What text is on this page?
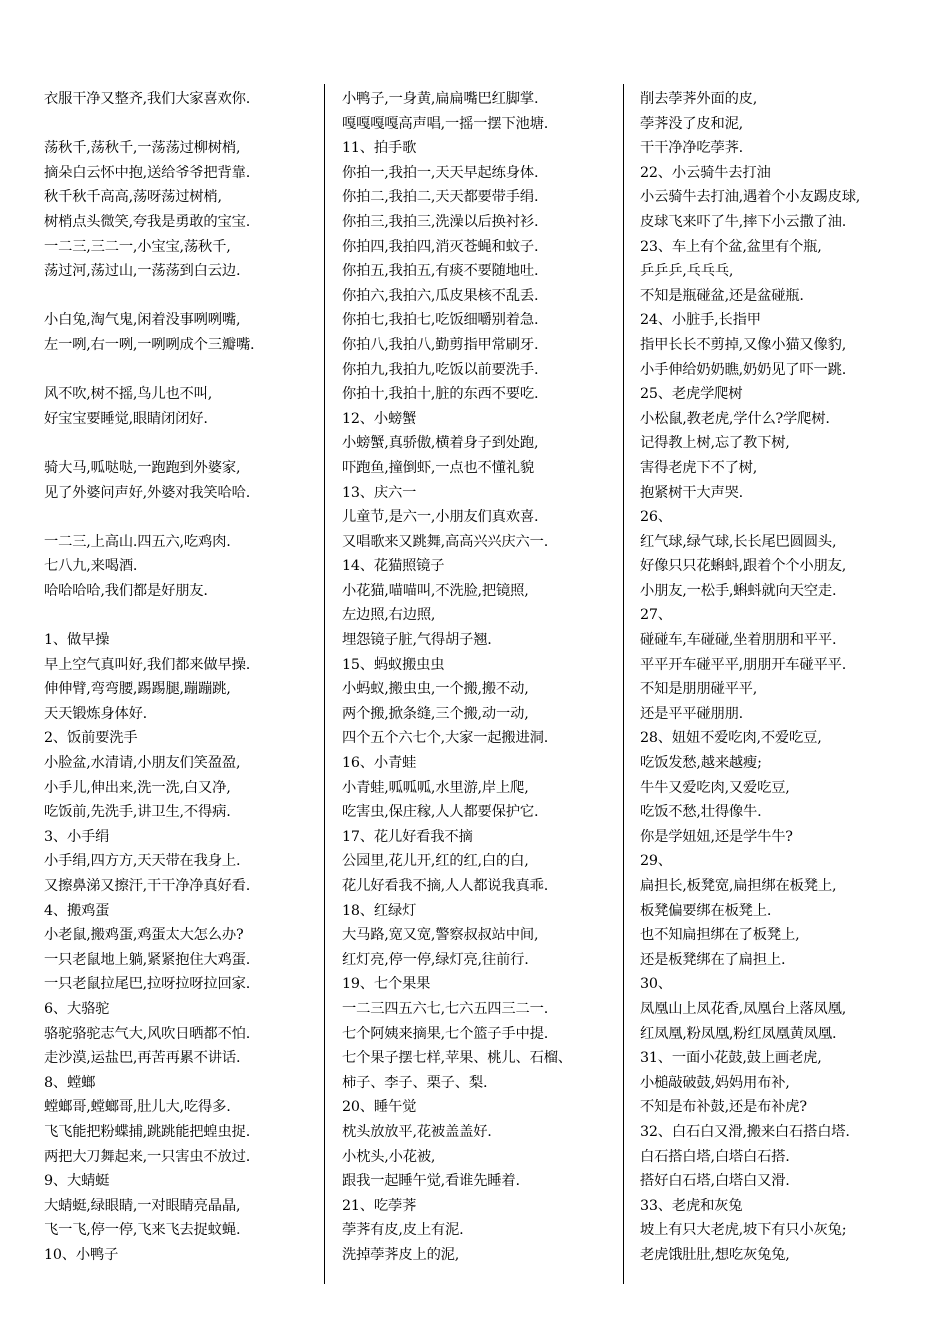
衣服干净又整齐,我们大家喜欢你.
荡秋千,荡秋千,一荡荡过柳树梢,
摘朵白云怀中抱,送给爷爷把背靠.
秋千秋千高高,荡呀荡过树梢,
树梢点头微笑,夸我是勇敢的宝宝.
一二三,三二一,小宝宝,荡秋千,
荡过河,荡过山,一荡荡到白云边.
小白兔,淘气鬼,闲着没事咧咧嘴,
左一咧,右一咧,一咧咧成个三瓣嘴.
风不吹,树不摇,鸟儿也不叫,
好宝宝要睡觉,眼睛闭闭好.
骑大马,呱哒哒,一跑跑到外婆家,
见了外婆问声好,外婆对我笑哈哈.
一二三,上高山.四五六,吃鸡肉.
七八九,来喝酒.
哈哈哈哈,我们都是好朋友.
1、做早操
早上空气真叫好,我们都来做早操.
伸伸臂,弯弯腰,踢踢腿,蹦蹦跳,
天天锻炼身体好.
2、饭前要洗手
小脸盆,水清请,小朋友们笑盈盈,
小手儿,伸出来,洗一洗,白又净,
吃饭前,先洗手,讲卫生,不得病.
3、小手绢
小手绢,四方方,天天带在我身上.
又擦鼻涕又擦汗,干干净净真好看.
4、搬鸡蛋
小老鼠,搬鸡蛋,鸡蛋太大怎么办?
一只老鼠地上躺,紧紧抱住大鸡蛋.
一只老鼠拉尾巴,拉呀拉呀拉回家.
6、大骆驼
骆驼骆驼志气大,风吹日晒都不怕.
走沙漠,运盐巴,再苦再累不讲话.
8、螳螂
螳螂哥,螳螂哥,肚儿大,吃得多.
飞飞能把粉蝶捕,跳跳能把蝗虫捉.
两把大刀舞起来,一只害虫不放过.
9、大蜻蜓
大蜻蜓,绿眼睛,一对眼睛亮晶晶,
飞一飞,停一停,飞来飞去捉蚊蝇.
10、小鸭子
小鸭子,一身黄,扁扁嘴巴红脚掌.
嘎嘎嘎嘎高声唱,一摇一摆下池塘.
11、拍手歌
你拍一,我拍一,天天早起练身体.
你拍二,我拍二,天天都要带手绢.
你拍三,我拍三,洗澡以后换衬衫.
你拍四,我拍四,消灭苍蝇和蚊子.
你拍五,我拍五,有痰不要随地吐.
你拍六,我拍六,瓜皮果核不乱丢.
你拍七,我拍七,吃饭细嚼别着急.
你拍八,我拍八,勤剪指甲常刷牙.
你拍九,我拍九,吃饭以前要洗手.
你拍十,我拍十,脏的东西不要吃.
12、小螃蟹
小螃蟹,真骄傲,横着身子到处跑,
吓跑鱼,撞倒虾,一点也不懂礼貌
13、庆六一
儿童节,是六一,小朋友们真欢喜.
又唱歌来又跳舞,高高兴兴庆六一.
14、花猫照镜子
小花猫,喵喵叫,不洗脸,把镜照,
左边照,右边照,
埋怨镜子脏,气得胡子翘.
15、蚂蚁搬虫虫
小蚂蚁,搬虫虫,一个搬,搬不动,
两个搬,掀条缝,三个搬,动一动,
四个五个六七个,大家一起搬进洞.
16、小青蛙
小青蛙,呱呱呱,水里游,岸上爬,
吃害虫,保庄稼,人人都要保护它.
17、花儿好看我不摘
公园里,花儿开,红的红,白的白,
花儿好看我不摘,人人都说我真乖.
18、红绿灯
大马路,宽又宽,警察叔叔站中间,
红灯亮,停一停,绿灯亮,往前行.
19、七个果果
一二三四五六七,七六五四三二一.
七个阿姨来摘果,七个篮子手中提.
七个果子摆七样,苹果、桃儿、石榴、
柿子、李子、栗子、梨.
20、睡午觉
枕头放放平,花被盖盖好.
小枕头,小花被,
跟我一起睡午觉,看谁先睡着.
21、吃荸荠
荸荠有皮,皮上有泥.
洗掉荸荠皮上的泥,
削去荸荠外面的皮,
荸荠没了皮和泥,
干干净净吃荸荠.
22、小云骑牛去打油
小云骑牛去打油,遇着个小友踢皮球,
皮球飞来吓了牛,摔下小云撒了油.
23、车上有个盆,盆里有个瓶,
乒乒乒,乓乓乓,
不知是瓶碰盆,还是盆碰瓶.
24、小脏手,长指甲
指甲长长不剪掉,又像小猫又像豹,
小手伸给奶奶瞧,奶奶见了吓一跳.
25、老虎学爬树
小松鼠,教老虎,学什么?学爬树.
记得教上树,忘了教下树,
害得老虎下不了树,
抱紧树干大声哭.
26、
红气球,绿气球,长长尾巴圆圆头,
好像只只花蝌蚪,跟着个个小朋友,
小朋友,一松手,蝌蚪就向天空走.
27、
碰碰车,车碰碰,坐着朋朋和平平.
平平开车碰平平,朋朋开车碰平平.
不知是朋朋碰平平,
还是平平碰朋朋.
28、妞妞不爱吃肉,不爱吃豆,
吃饭发愁,越来越瘦;
牛牛又爱吃肉,又爱吃豆,
吃饭不愁,壮得像牛.
你是学妞妞,还是学牛牛?
29、
扁担长,板凳宽,扁担绑在板凳上,
板凳偏要绑在板凳上.
也不知扁担绑在了板凳上,
还是板凳绑在了扁担上.
30、
凤凰山上凤花香,凤凰台上落凤凰,
红凤凰,粉凤凰,粉红凤凰黄凤凰.
31、一面小花鼓,鼓上画老虎,
小槌敲破鼓,妈妈用布补,
不知是布补鼓,还是布补虎?
32、白石白又滑,搬来白石搭白塔.
白石搭白塔,白塔白石搭.
搭好白石塔,白塔白又滑.
33、老虎和灰兔
坡上有只大老虎,坡下有只小灰兔;
老虎饿肚肚,想吃灰兔兔,
